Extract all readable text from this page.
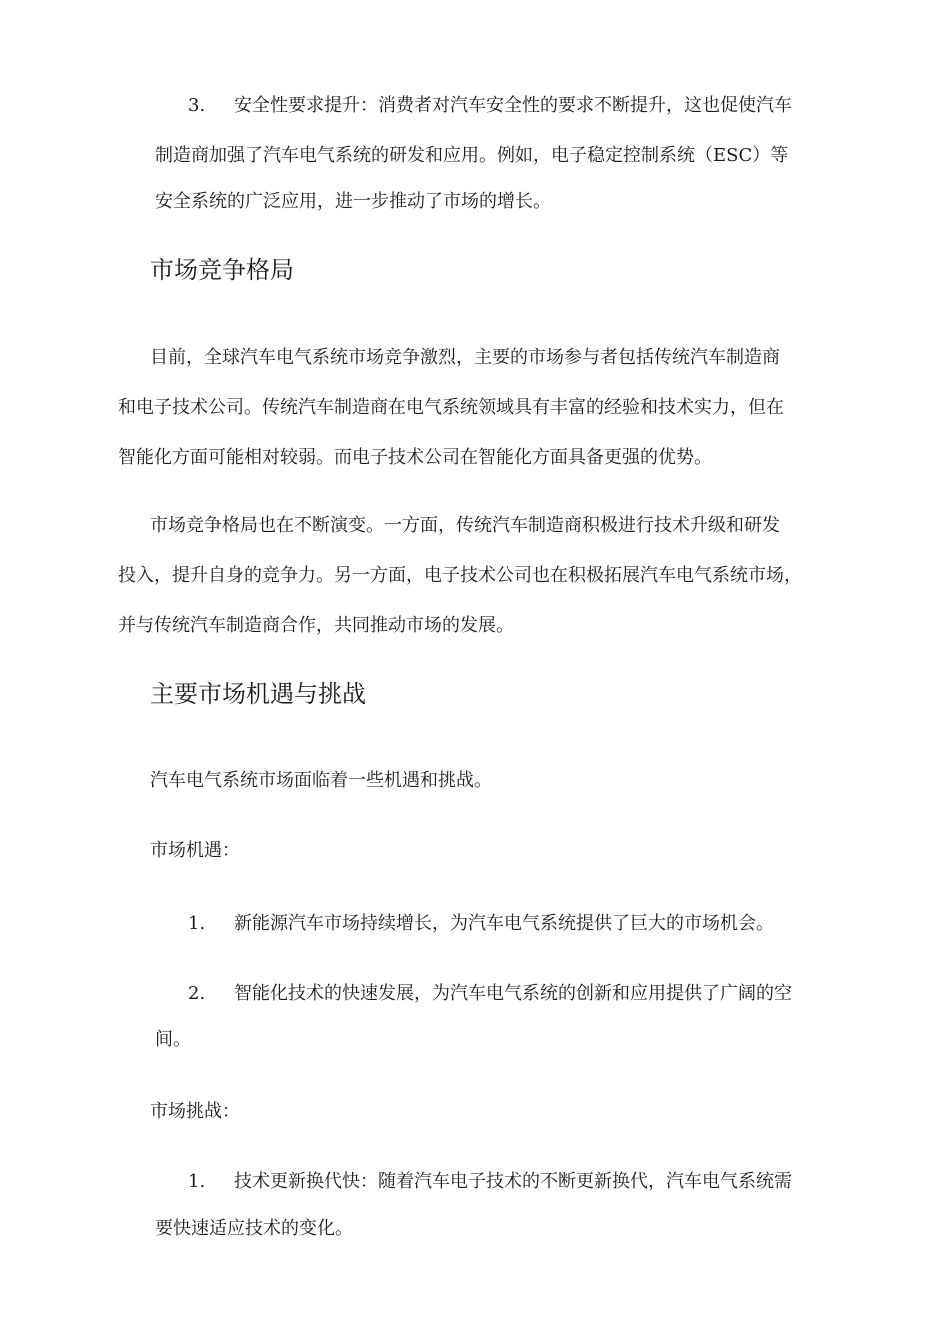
3. 安全性要求提升：消费者对汽车安全性的要求不断提升，这也促使汽车
制造商加强了汽车电气系统的研发和应用。例如，电子稳定控制系统（ESC）等
安全系统的广泛应用，进一步推动了市场的增长。
市场竞争格局
目前，全球汽车电气系统市场竞争激烈，主要的市场参与者包括传统汽车制造商
和电子技术公司。传统汽车制造商在电气系统领域具有丰富的经验和技术实力，但在
智能化方面可能相对较弱。而电子技术公司在智能化方面具备更强的优势。
市场竞争格局也在不断演变。一方面，传统汽车制造商积极进行技术升级和研发
投入，提升自身的竞争力。另一方面，电子技术公司也在积极拓展汽车电气系统市场，
并与传统汽车制造商合作，共同推动市场的发展。
主要市场机遇与挑战
汽车电气系统市场面临着一些机遇和挑战。
市场机遇：
1. 新能源汽车市场持续增长，为汽车电气系统提供了巨大的市场机会。
2. 智能化技术的快速发展，为汽车电气系统的创新和应用提供了广阔的空
间。
市场挑战：
1. 技术更新换代快：随着汽车电子技术的不断更新换代，汽车电气系统需
要快速适应技术的变化。
